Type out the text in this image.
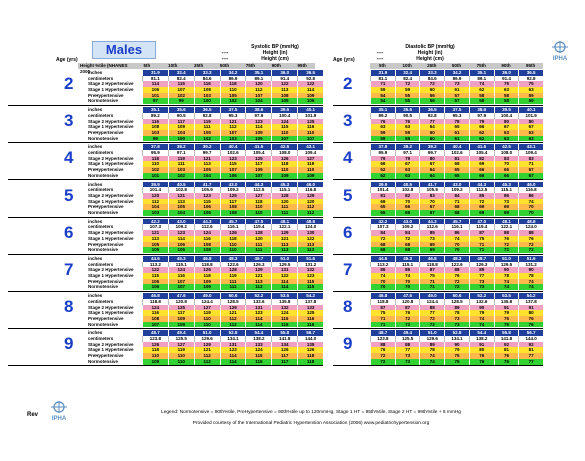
Males	Systolic BP (mmHg)
----	Height (in)
----	Height (cm)
Diastolic BP (mmHg)
----	Height (in)
----	Height (cm)	IPHA
Age (yrs)	Age (yrs)
Height %tile (NHANES 2000
5th	10th	25th	50th	75th	90th	95th	5th	10th	25th	50th	75th	90th	95th
2
inches	31.9	32.4	33.3	34.2	35.1	36.0	36.5
centimeters	81.1	82.4	84.6	86.9	89.1	91.4	92.8
Stage 2 Hypertensive	114	115	116	118	120	122	122
Stage 1 Hypertensive	106	107	108	110	112	113	114
PreHypertensive	101	102	103	105	107	108	109
Normotensive	97	99	100	102	104	105	106
2
31.9	32.4	33.3	34.2	35.1	36.0	36.5
81.1	82.4	84.6	86.9	89.1	91.4	92.8
71	72	72	73	74	75	75
59	59	60	61	62	63	63
54	55	56	57	58	58	59
54	55	56	57	58	58	59
3
inches	35.1	35.6	36.5	37.5	38.6	39.5	40.1
centimeters	89.2	90.5	92.8	95.3	97.9	100.4	101.9
Stage 2 Hypertensive	116	117	119	121	123	124	125
Stage 1 Hypertensive	108	109	111	112	114	115	116
PreHypertensive	103	104	105	107	109	110	110
Normotensive	99	100	102	103	105	107	107
3
35.1	35.6	36.5	37.5	38.6	39.5	40.1
89.2	90.5	92.8	95.3	97.9	100.4	101.9
76	76	77	78	79	80	80
63	63	64	65	66	67	67
59	59	60	61	62	63	63
59	59	60	61	62	63	63
4
inches	37.8	38.2	39.2	40.4	41.5	42.5	43.1
centimeters	95.9	97.1	99.7	102.6	105.4	108.0	109.4
Stage 2 Hypertensive	118	119	121	123	125	126	127
Stage 1 Hypertensive	110	111	113	115	117	118	119
PreHypertensive	102	103	105	107	109	110	110
Normotensive	101	102	104	106	107	109	109
4
37.8	38.2	39.2	40.4	41.5	42.5	43.1
95.9	97.1	99.7	102.6	105.4	108.0	109.4
79	79	80	81	82	83	83
66	67	67	68	69	70	71
62	63	64	65	66	66	67
62	63	64	65	66	66	67
5
inches	39.9	40.5	41.7	43.0	44.3	45.3	46.0
centimeters	101.4	102.8	105.9	109.2	112.5	115.1	116.8
Stage 2 Hypertensive	120	121	123	125	127	128	129
Stage 1 Hypertensive	112	113	115	117	118	120	120
PreHypertensive	104	105	106	108	110	111	112
Normotensive	103	104	106	108	110	111	112
5
39.9	40.5	41.7	43.0	44.3	45.3	46.0
101.4	102.8	105.9	109.2	112.5	115.1	116.8
81	82	83	84	85	86	86
69	70	70	71	72	73	74
65	66	67	68	69	69	70
65	66	67	68	69	69	70
6
inches	42.2	43.0	44.3	45.7	47.0	48.1	48.8
centimeters	107.3	109.2	112.6	116.1	119.4	122.1	124.0
Stage 2 Hypertensive	121	123	124	126	128	129	130
Stage 1 Hypertensive	113	114	116	118	120	121	122
PreHypertensive	105	106	108	110	111	113	113
Normotensive	105	106	108	110	111	113	113
6
42.2	43.0	44.3	45.7	47.0	48.1	48.8
107.3	109.2	112.6	116.1	119.4	122.1	124.0
84	84	85	86	87	88	88
72	72	73	74	75	76	76
68	68	69	70	71	72	72
68	68	69	70	71	72	72
7
inches	44.6	45.3	46.8	48.3	49.7	51.0	51.6
centimeters	113.2	115.1	118.8	122.6	126.3	129.5	131.2
Stage 2 Hypertensive	122	124	126	128	129	131	132
Stage 1 Hypertensive	115	116	118	119	121	122	123
PreHypertensive	106	107	109	111	113	114	115
Normotensive	106	107	109	111	113	114	115
7
44.6	45.3	46.8	48.3	49.7	51.0	51.6
113.2	115.1	118.8	122.6	126.3	129.5	131.2
86	86	87	88	89	90	90
74	74	75	76	77	78	78
70	70	71	72	73	74	74
70	70	71	72	73	74	74
8
inches	46.8	47.6	49.0	50.6	52.2	53.5	54.2
centimeters	118.8	120.8	124.4	128.5	132.6	135.8	137.8
Stage 2 Hypertensive	124	125	127	129	131	132	133
Stage 1 Hypertensive	116	117	119	121	123	124	125
PreHypertensive	108	109	110	112	114	115	116
Normotensive	107	109	110	112	114	115	116
8
46.8	47.6	49.0	50.6	52.2	53.5	54.2
118.8	120.8	124.4	128.5	132.6	135.8	137.8
87	87	88	89	90	91	91
75	76	77	78	79	79	80
71	72	72	73	74	75	76
71	72	72	73	74	75	76
9
inches	48.7	49.4	51.0	52.8	54.4	55.8	56.7
centimeters	123.8	125.5	129.6	134.1	138.2	141.8	144.0
Stage 2 Hypertensive	126	127	129	131	133	134	135
Stage 1 Hypertensive	118	119	121	123	124	126	126
PreHypertensive	110	110	112	114	115	117	118
Normotensive	109	110	112	114	115	117	118
9
48.7	49.4	51.0	52.8	54.4	55.8	56.7
123.8	125.5	129.6	134.1	138.2	141.8	144.0
88	88	89	90	91	92	92
76	77	78	79	80	81	81
72	73	74	75	76	76	77
72	73	74	75	76	76	77
Rev
IPHA
Legend: Normotensive = 90th%tile, PreHypertensive = 90th%tile up to 120mmHg, Stage 1 HT = 95th%tile, Stage 2 HT = 99th%tile + 5 mmHg
Provided courtesy of the International Pediatric Hypertension Association (2006) www.pediatrichypertension.org
